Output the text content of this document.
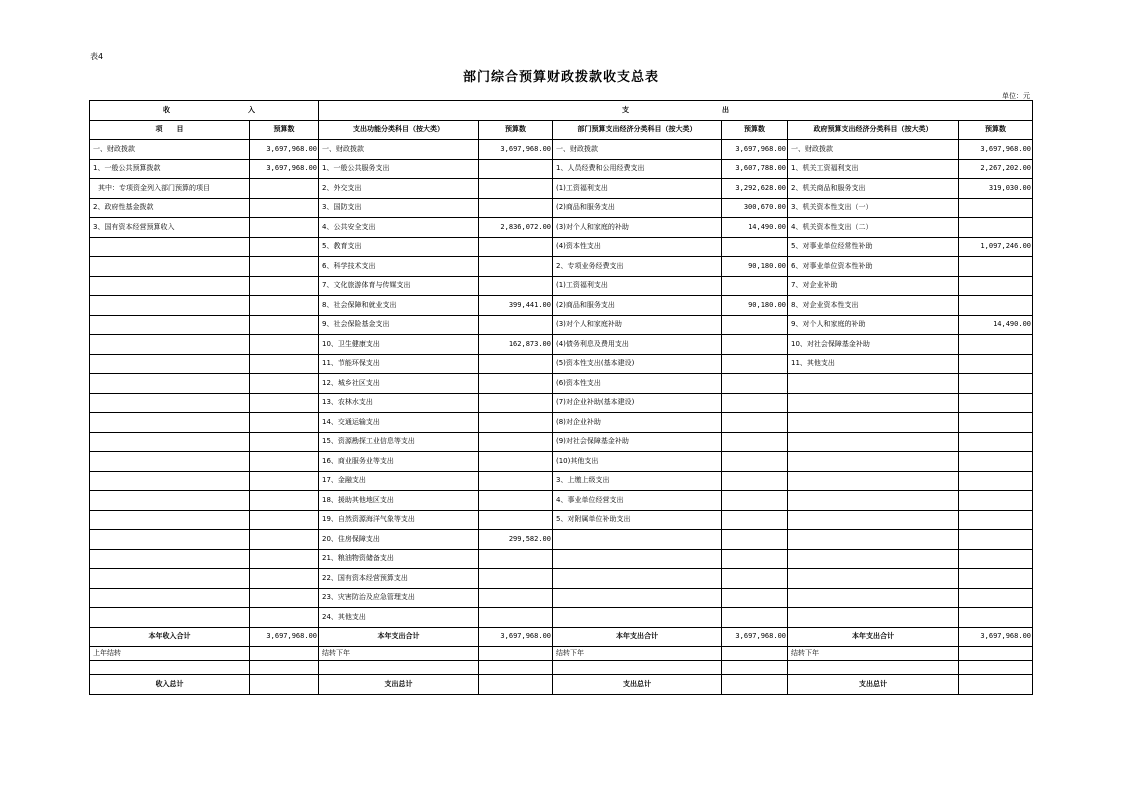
表4
部门综合预算财政拨款收支总表
单位：元
收 入		支 出					

项　　目	预算数	支出功能分类科目（按大类）	预算数	部门预算支出经济分类科目（按大类）	预算数	政府预算支出经济分类科目（按大类）	预算数
一、财政拨款	3,697,968.00	一、财政拨款	3,697,968.00	一、财政拨款	3,697,968.00	一、财政拨款	3,697,968.00
1、一般公共预算拨款	3,697,968.00	1、一般公共服务支出		1、人员经费和公用经费支出	3,607,788.00	1、机关工资福利支出	2,267,202.00
其中：专项资金列入部门预算的项目		2、外交支出		(1)工资福利支出	3,292,628.00	2、机关商品和服务支出	319,030.00
2、政府性基金拨款		3、国防支出		(2)商品和服务支出	300,670.00	3、机关资本性支出（一）	
3、国有资本经营预算收入		4、公共安全支出	2,836,072.00	(3)对个人和家庭的补助	14,490.00	4、机关资本性支出（二）	
		5、教育支出		(4)资本性支出		5、对事业单位经常性补助	1,097,246.00
		6、科学技术支出		2、专项业务经费支出	90,180.00	6、对事业单位资本性补助	
		7、文化旅游体育与传媒支出		(1)工资福利支出		7、对企业补助	
		8、社会保障和就业支出	399,441.00	(2)商品和服务支出	90,180.00	8、对企业资本性支出	
		9、社会保险基金支出		(3)对个人和家庭补助		9、对个人和家庭的补助	14,490.00
		10、卫生健康支出	162,873.00	(4)债务利息及费用支出		10、对社会保障基金补助	
		11、节能环保支出		(5)资本性支出(基本建设)		11、其他支出	
		12、城乡社区支出		(6)资本性支出			
		13、农林水支出		(7)对企业补助(基本建设)			
		14、交通运输支出		(8)对企业补助			
		15、资源勘探工业信息等支出		(9)对社会保障基金补助			
		16、商业服务业等支出		(10)其他支出			
		17、金融支出		3、上缴上级支出			
		18、援助其他地区支出		4、事业单位经营支出			
		19、自然资源海洋气象等支出		5、对附属单位补助支出			
		20、住房保障支出	299,582.00				
		21、粮油物资储备支出					
		22、国有资本经营预算支出					
		23、灾害防治及应急管理支出					
		24、其他支出					
本年收入合计	3,697,968.00	本年支出合计	3,697,968.00	本年支出合计	3,697,968.00	本年支出合计	3,697,968.00
上年结转		结转下年		结转下年		结转下年	

收入总计		支出总计		支出总计		支出总计	
